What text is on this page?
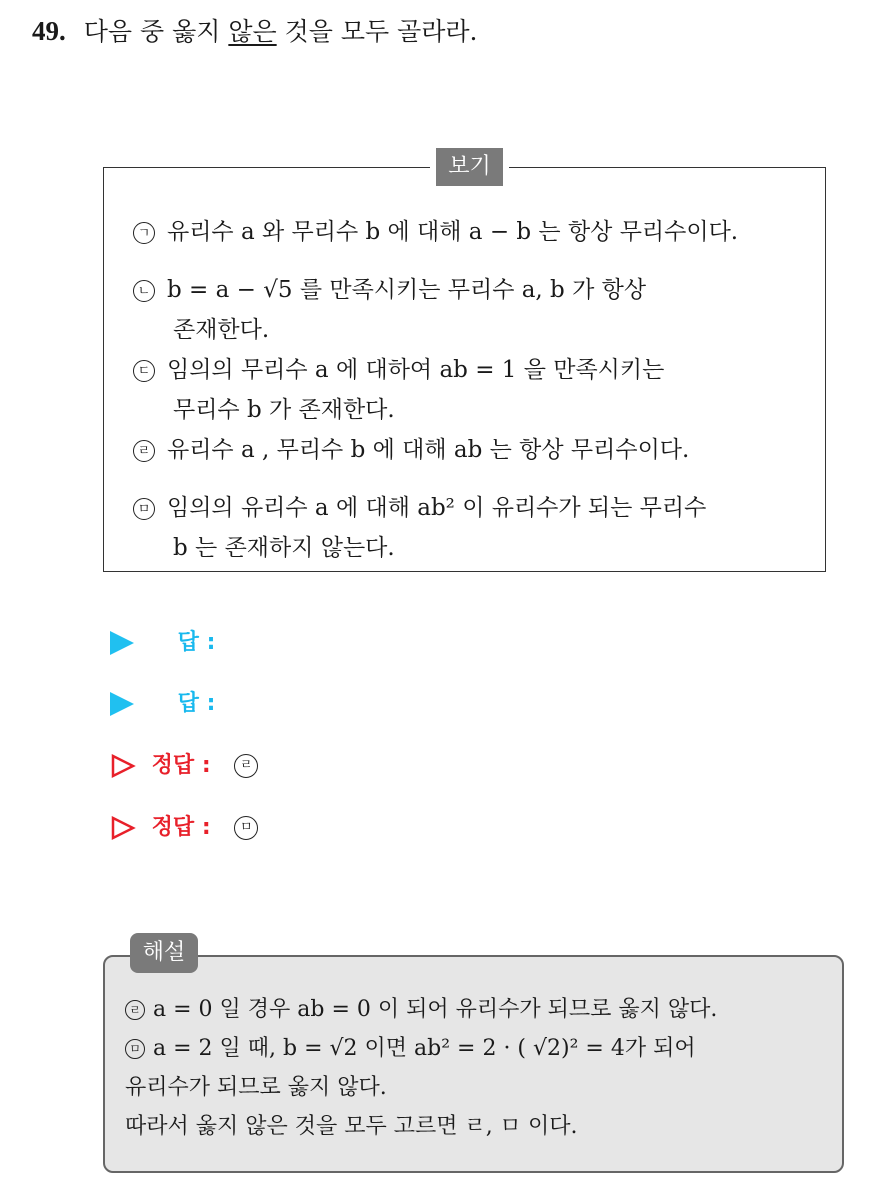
49. 다음 중 옳지 않은 것을 모두 골라라.
보기
ㄱ 유리수 a 와 무리수 b 에 대해 a − b 는 항상 무리수이다.
ㄴ b = a − √5 를 만족시키는 무리수 a, b 가 항상
존재한다.
ㄷ 임의의 무리수 a 에 대하여 ab = 1 을 만족시키는
무리수 b 가 존재한다.
ㄹ 유리수 a , 무리수 b 에 대해 ab 는 항상 무리수이다.
ㅁ 임의의 유리수 a 에 대해 ab² 이 유리수가 되는 무리수
b 는 존재하지 않는다.
답 :
답 :
정답 : ㄹ
정답 : ㅁ
해설
ㄹ a = 0 일 경우 ab = 0 이 되어 유리수가 되므로 옳지 않다.
ㅁ a = 2 일 때, b = √2 이면 ab² = 2 · ( √2)² = 4가 되어
유리수가 되므로 옳지 않다.
따라서 옳지 않은 것을 모두 고르면 ㄹ, ㅁ 이다.
